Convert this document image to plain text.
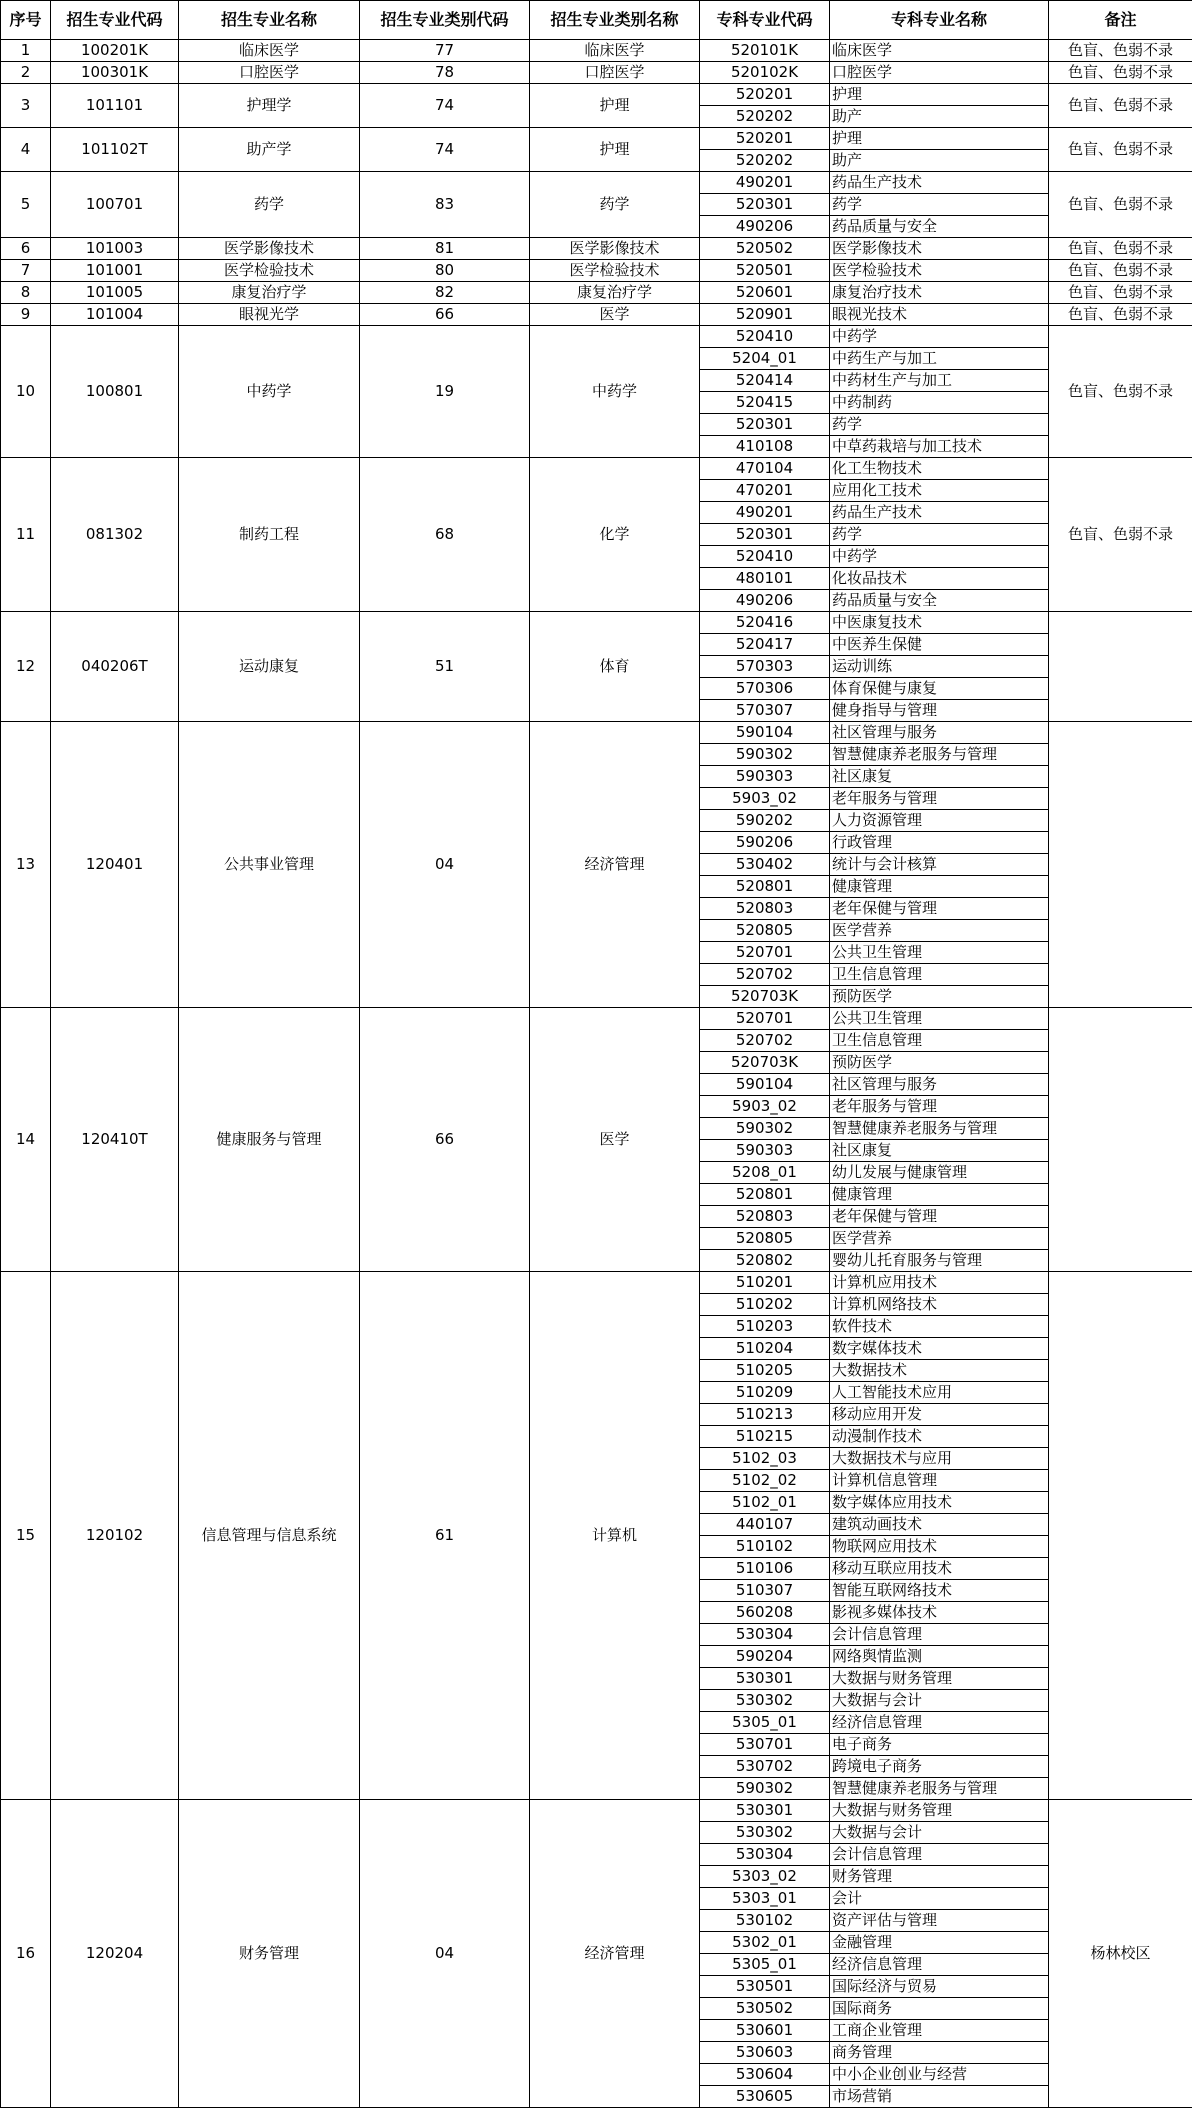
序号	招生专业代码	招生专业名称	招生专业类别代码	招生专业类别名称	专科专业代码	专科专业名称	备注
1	100201K	临床医学	77	临床医学	520101K	临床医学	色盲、色弱不录
2	100301K	口腔医学	78	口腔医学	520102K	口腔医学	色盲、色弱不录
3	101101	护理学	74	护理	520201	护理	色盲、色弱不录
					520202	助产	
4	101102T	助产学	74	护理	520201	护理	色盲、色弱不录
					520202	助产	
5	100701	药学	83	药学	490201	药品生产技术	色盲、色弱不录
					520301	药学	
					490206	药品质量与安全	
6	101003	医学影像技术	81	医学影像技术	520502	医学影像技术	色盲、色弱不录
7	101001	医学检验技术	80	医学检验技术	520501	医学检验技术	色盲、色弱不录
8	101005	康复治疗学	82	康复治疗学	520601	康复治疗技术	色盲、色弱不录
9	101004	眼视光学	66	医学	520901	眼视光技术	色盲、色弱不录
10	100801	中药学	19	中药学	520410	中药学	色盲、色弱不录
					5204_01	中药生产与加工	
					520414	中药材生产与加工	
					520415	中药制药	
					520301	药学	
					410108	中草药栽培与加工技术	
11	081302	制药工程	68	化学	470104	化工生物技术	色盲、色弱不录
					470201	应用化工技术	
					490201	药品生产技术	
					520301	药学	
					520410	中药学	
					480101	化妆品技术	
					490206	药品质量与安全	
12	040206T	运动康复	51	体育	520416	中医康复技术	
					520417	中医养生保健	
					570303	运动训练	
					570306	体育保健与康复	
					570307	健身指导与管理	
13	120401	公共事业管理	04	经济管理	590104	社区管理与服务	
					590302	智慧健康养老服务与管理	
					590303	社区康复	
					5903_02	老年服务与管理	
					590202	人力资源管理	
					590206	行政管理	
					530402	统计与会计核算	
					520801	健康管理	
					520803	老年保健与管理	
					520805	医学营养	
					520701	公共卫生管理	
					520702	卫生信息管理	
					520703K	预防医学	
14	120410T	健康服务与管理	66	医学	520701	公共卫生管理	
					520702	卫生信息管理	
					520703K	预防医学	
					590104	社区管理与服务	
					5903_02	老年服务与管理	
					590302	智慧健康养老服务与管理	
					590303	社区康复	
					5208_01	幼儿发展与健康管理	
					520801	健康管理	
					520803	老年保健与管理	
					520805	医学营养	
					520802	婴幼儿托育服务与管理	
15	120102	信息管理与信息系统	61	计算机	510201	计算机应用技术	
					510202	计算机网络技术	
					510203	软件技术	
					510204	数字媒体技术	
					510205	大数据技术	
					510209	人工智能技术应用	
					510213	移动应用开发	
					510215	动漫制作技术	
					5102_03	大数据技术与应用	
					5102_02	计算机信息管理	
					5102_01	数字媒体应用技术	
					440107	建筑动画技术	
					510102	物联网应用技术	
					510106	移动互联应用技术	
					510307	智能互联网络技术	
					560208	影视多媒体技术	
					530304	会计信息管理	
					590204	网络舆情监测	
					530301	大数据与财务管理	
					530302	大数据与会计	
					5305_01	经济信息管理	
					530701	电子商务	
					530702	跨境电子商务	
					590302	智慧健康养老服务与管理	
16	120204	财务管理	04	经济管理	530301	大数据与财务管理	杨林校区
					530302	大数据与会计	
					530304	会计信息管理	
					5303_02	财务管理	
					5303_01	会计	
					530102	资产评估与管理	
					5302_01	金融管理	
					5305_01	经济信息管理	
					530501	国际经济与贸易	
					530502	国际商务	
					530601	工商企业管理	
					530603	商务管理	
					530604	中小企业创业与经营	
					530605	市场营销	
